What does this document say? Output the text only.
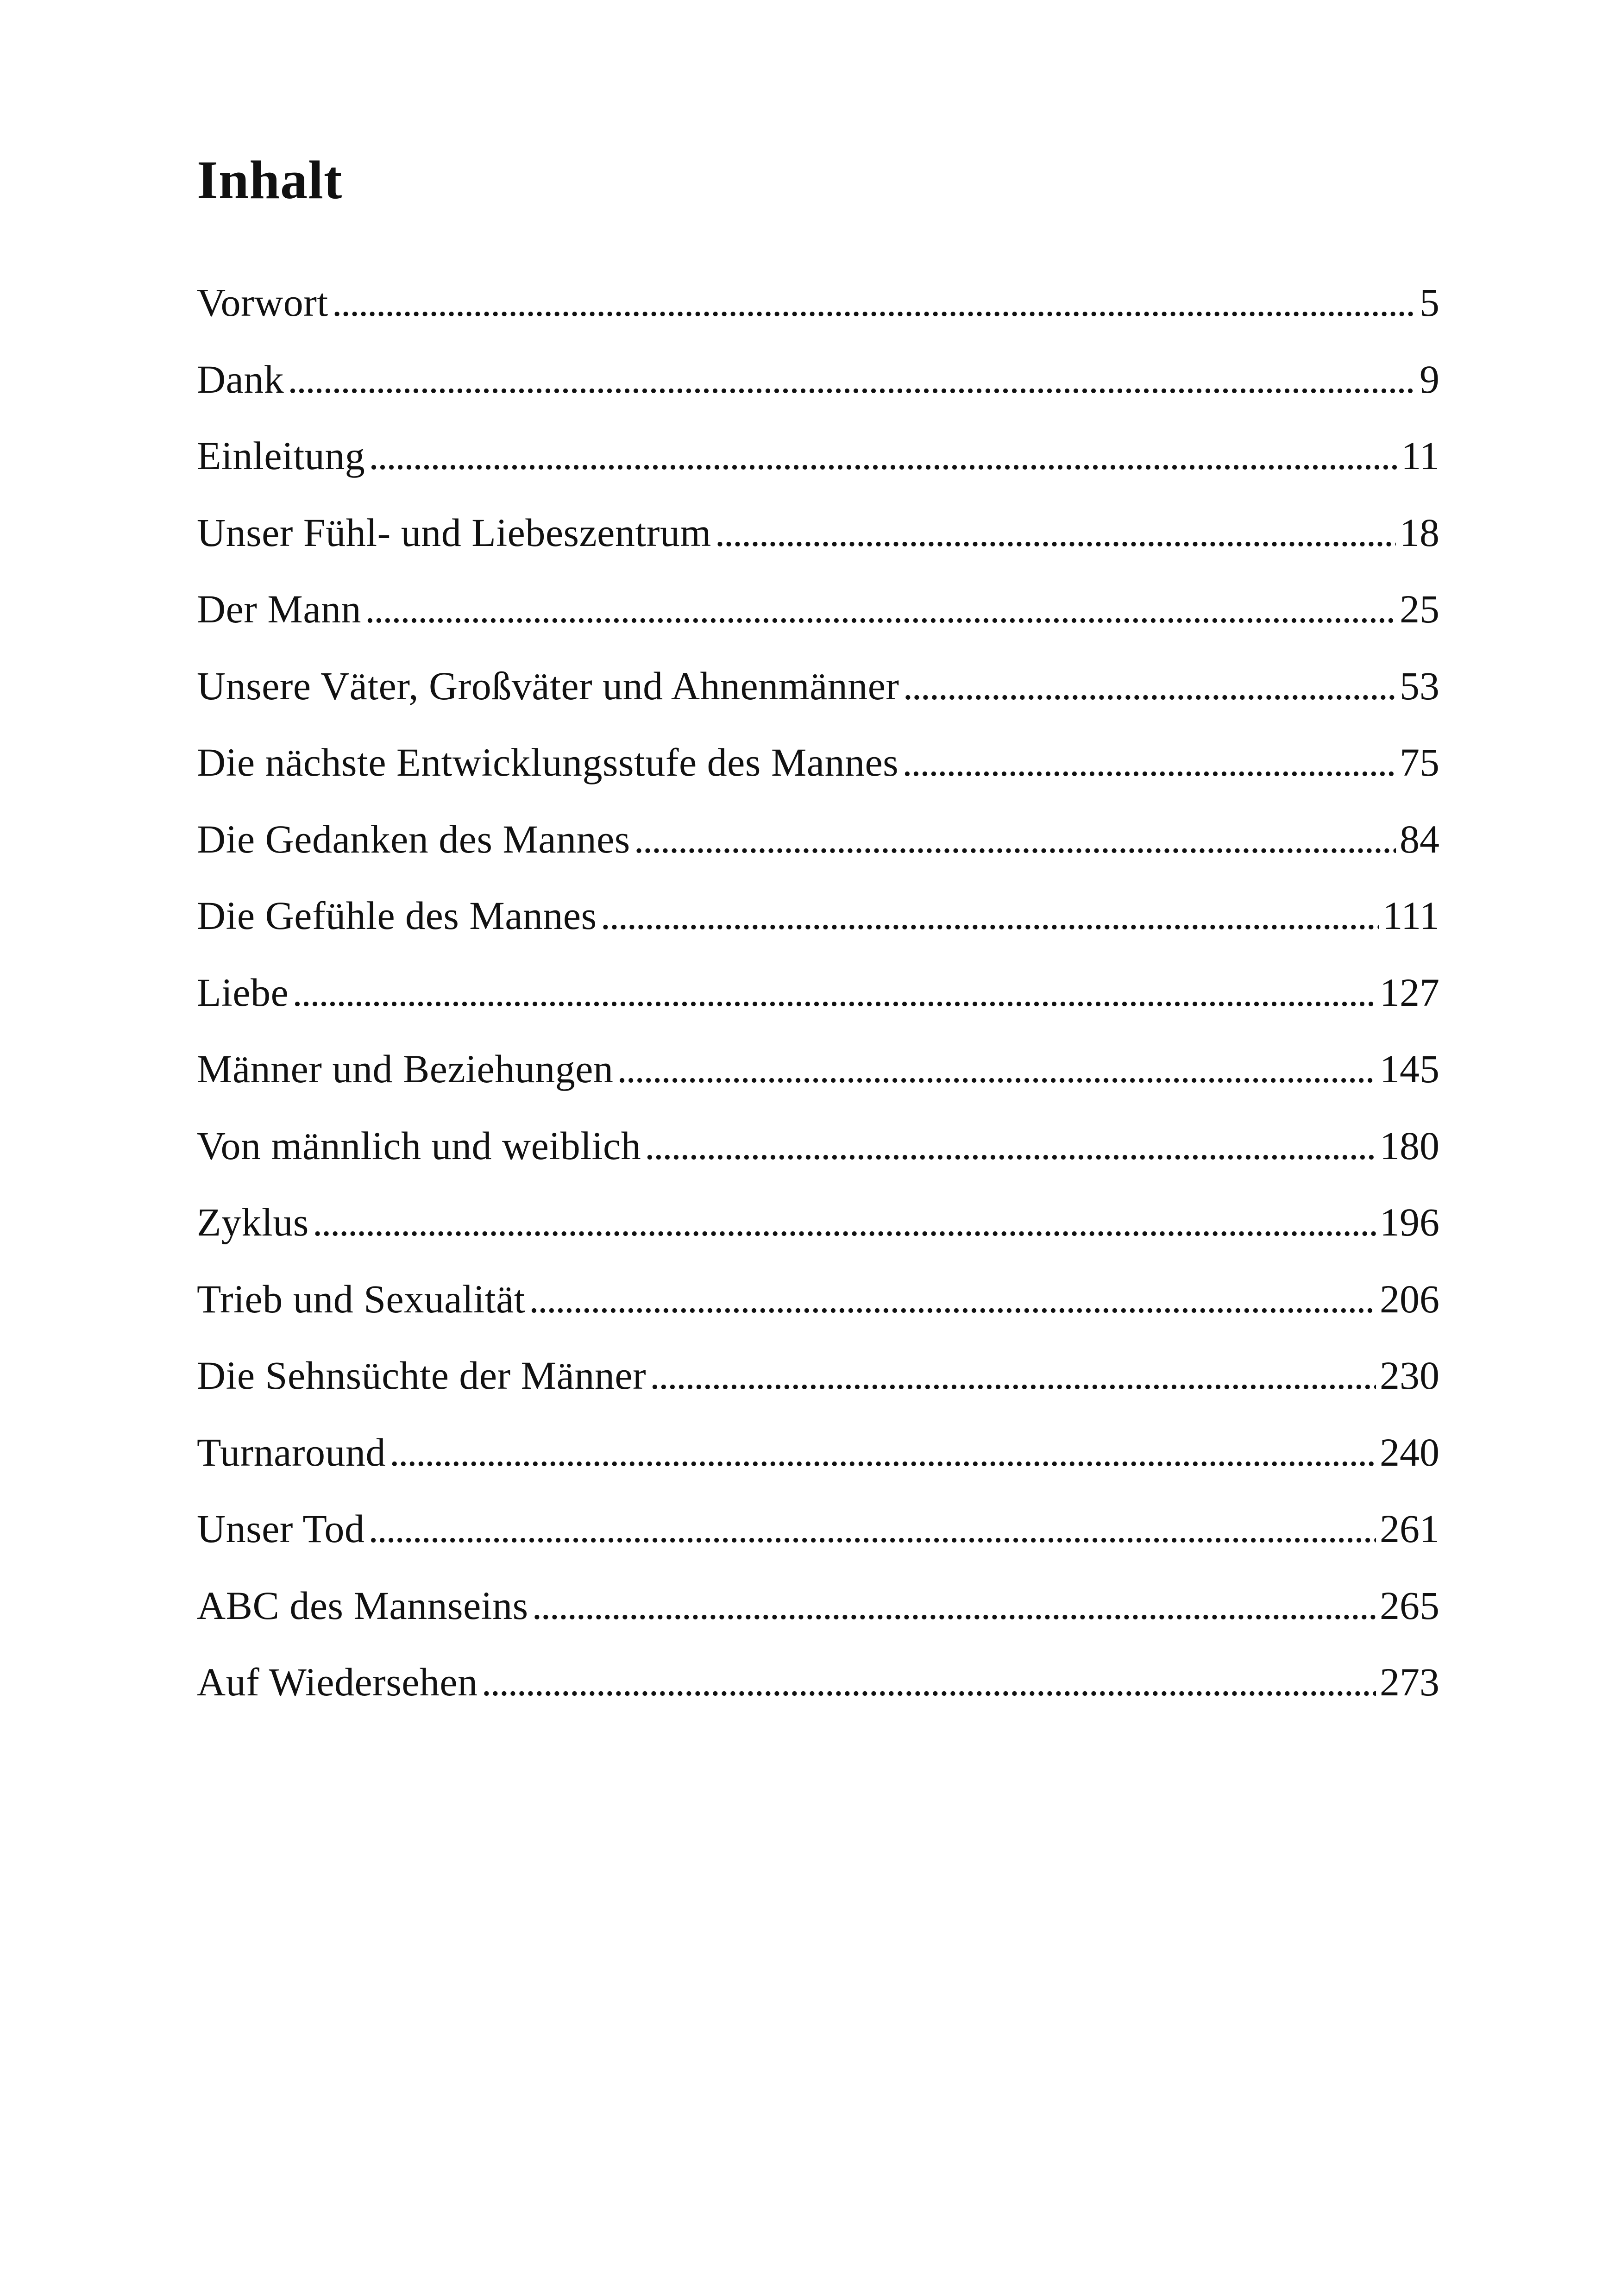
Inhalt
Vorwort . . .	5
Dank . . .	9
Einleitung . . .	11
Unser Fühl- und Liebeszentrum . . .	18
Der Mann . . .	25
Unsere Väter, Großväter und Ahnenmänner . . .	53
Die nächste Entwicklungsstufe des Mannes . . .	75
Die Gedanken des Mannes . . .	84
Die Gefühle des Mannes . . .	111
Liebe . . .	127
Männer und Beziehungen . . .	145
Von männlich und weiblich . . .	180
Zyklus . . .	196
Trieb und Sexualität . . .	206
Die Sehnsüchte der Männer . . .	230
Turnaround . . .	240
Unser Tod . . .	261
ABC des Mannseins . . .	265
Auf Wiedersehen . . .	273
